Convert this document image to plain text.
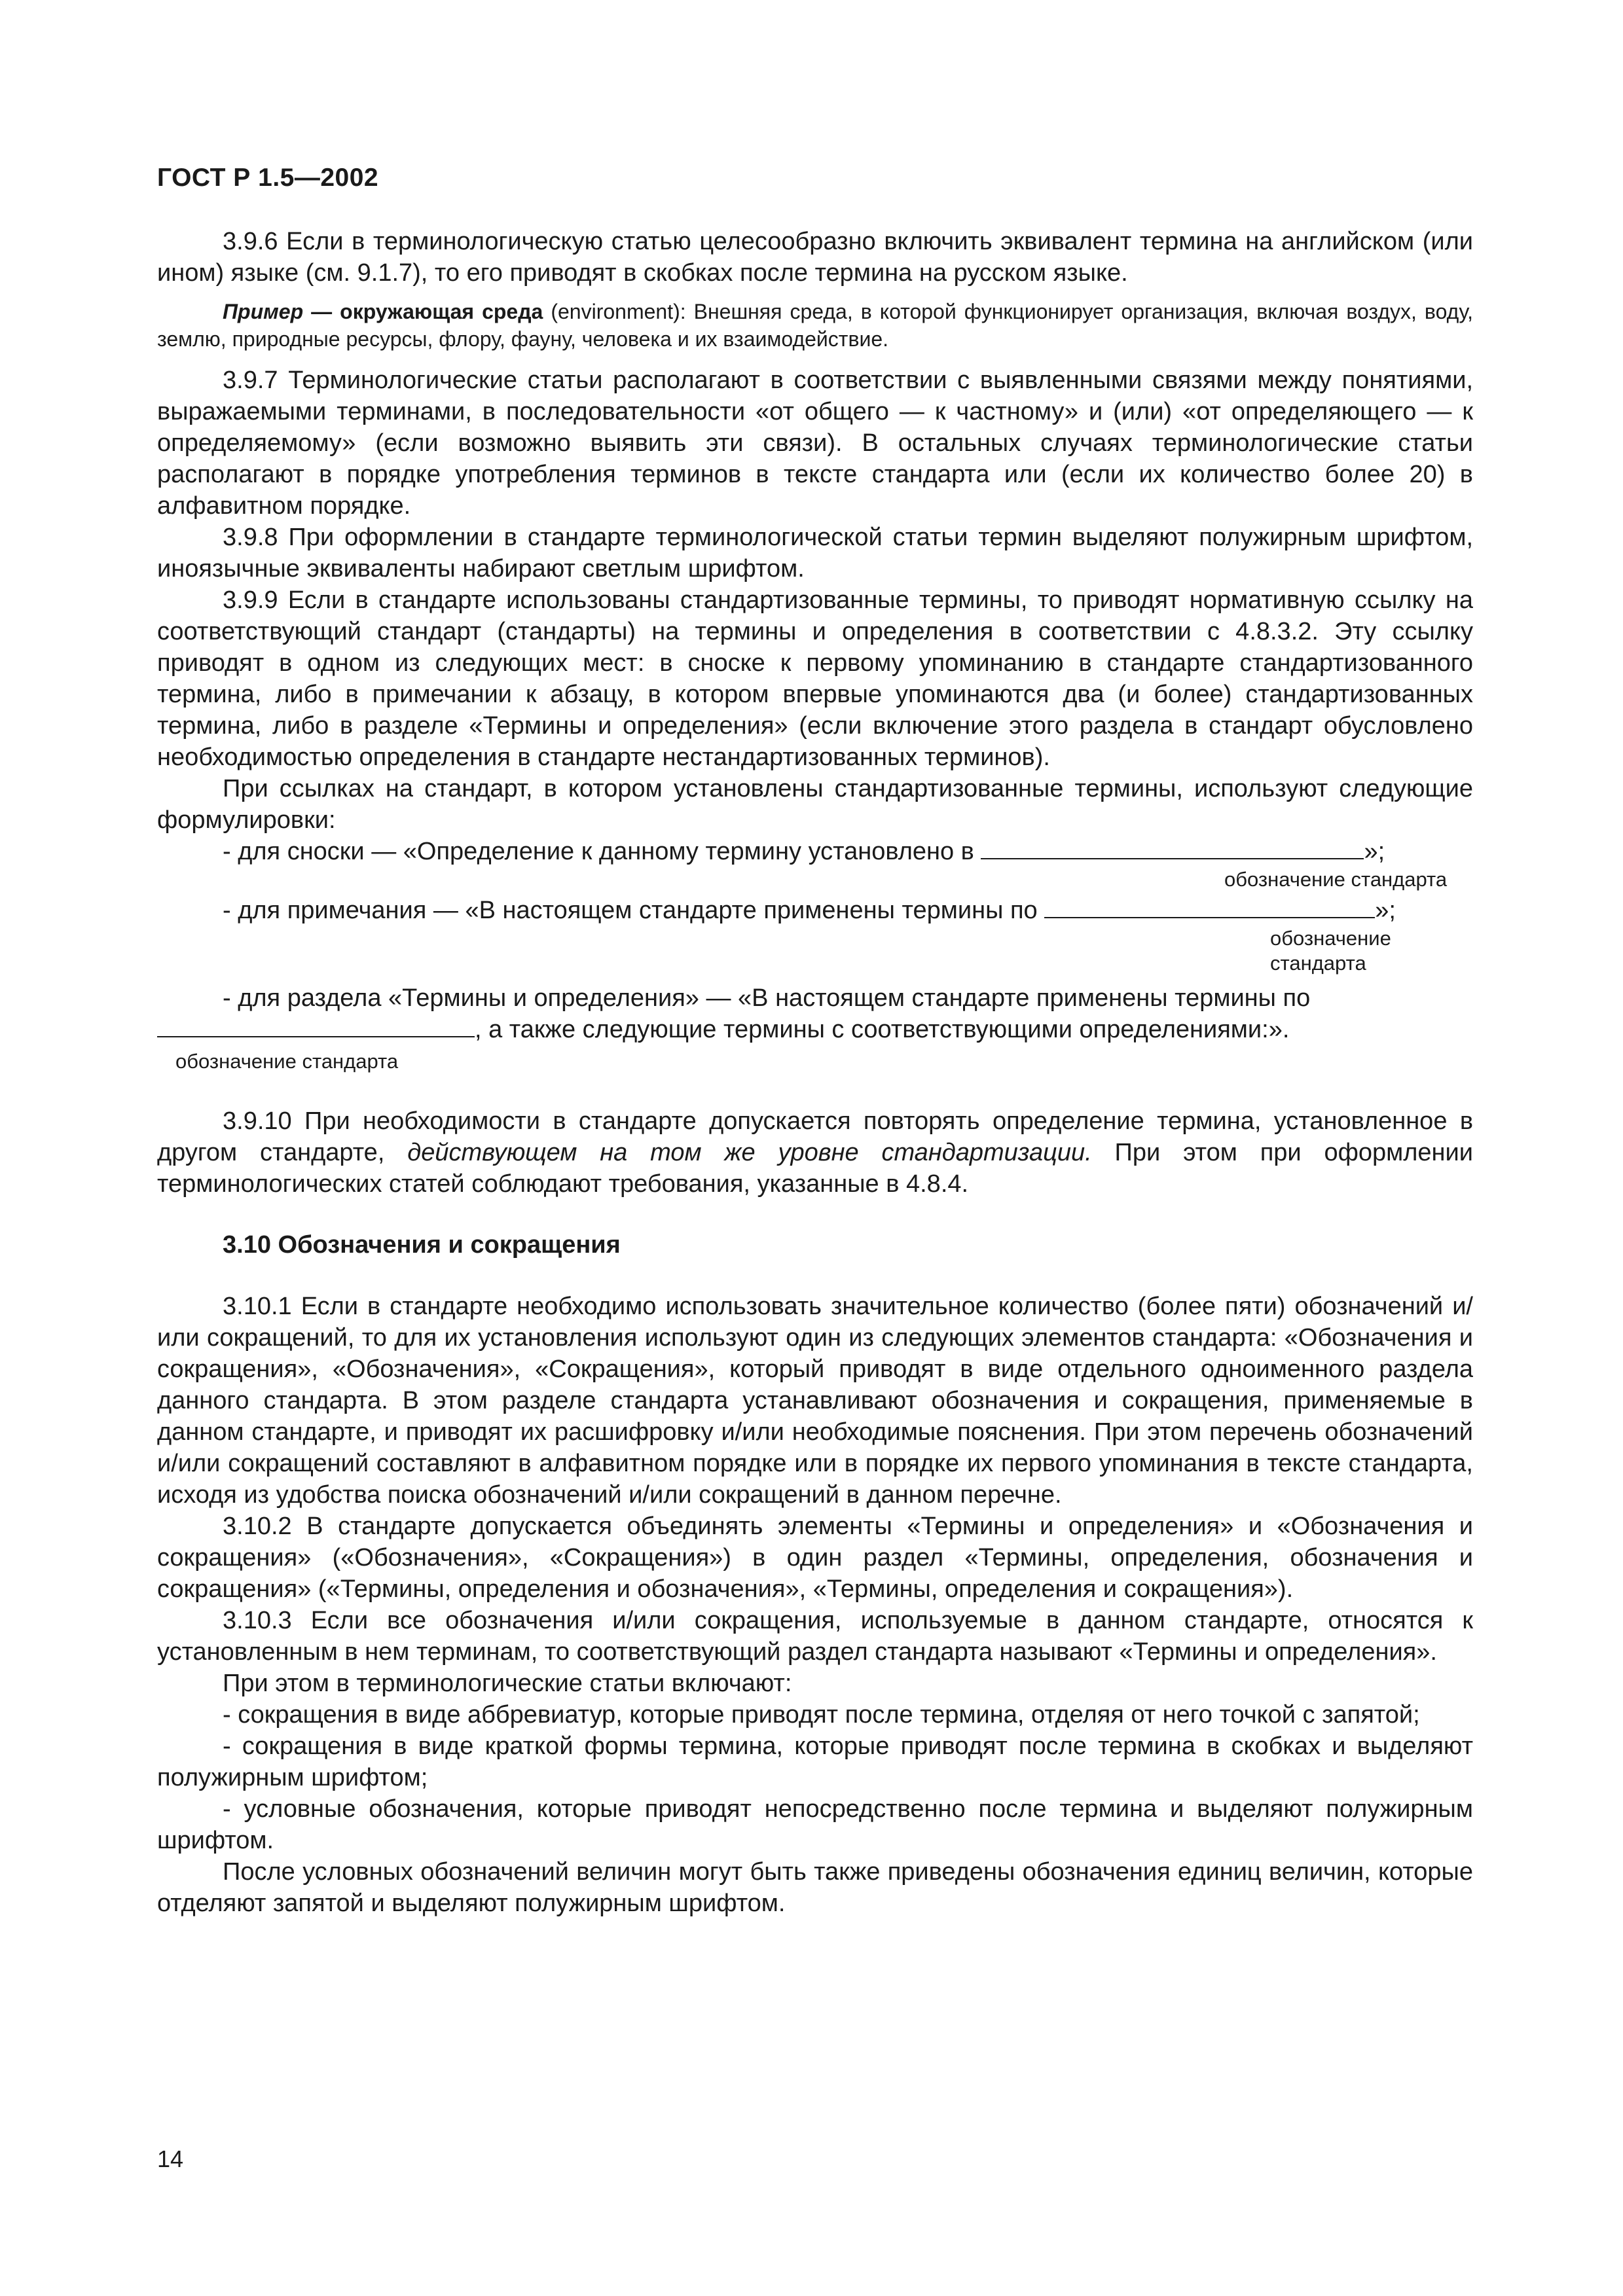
ГОСТ Р 1.5—2002

3.9.6 Если в терминологическую статью целесообразно включить эквивалент термина на английском (или ином) языке (см. 9.1.7), то его приводят в скобках после термина на русском языке.

Пример — окружающая среда (environment): Внешняя среда, в которой функционирует организация, включая воздух, воду, землю, природные ресурсы, флору, фауну, человека и их взаимодействие.

3.9.7 Терминологические статьи располагают в соответствии с выявленными связями между понятиями, выражаемыми терминами, в последовательности «от общего — к частному» и (или) «от определяющего — к определяемому» (если возможно выявить эти связи). В остальных случаях терминологические статьи располагают в порядке употребления терминов в тексте стандарта или (если их количество более 20) в алфавитном порядке.

3.9.8 При оформлении в стандарте терминологической статьи термин выделяют полужирным шрифтом, иноязычные эквиваленты набирают светлым шрифтом.

3.9.9 Если в стандарте использованы стандартизованные термины, то приводят нормативную ссылку на соответствующий стандарт (стандарты) на термины и определения в соответствии с 4.8.3.2. Эту ссылку приводят в одном из следующих мест: в сноске к первому упоминанию в стандарте стандартизованного термина, либо в примечании к абзацу, в котором впервые упоминаются два (и более) стандартизованных термина, либо в разделе «Термины и определения» (если включение этого раздела в стандарт обусловлено необходимостью определения в стандарте нестандартизованных терминов).

При ссылках на стандарт, в котором установлены стандартизованные термины, используют следующие формулировки:

- для сноски — «Определение к данному термину установлено в	»;
обозначение стандарта
- для примечания — «В настоящем стандарте применены термины по	»;
обозначение стандарта

- для раздела «Термины и определения» — «В настоящем стандарте применены термины по

, а также следующие термины с соответствующими определениями:».
обозначение стандарта

3.9.10 При необходимости в стандарте допускается повторять определение термина, установленное в другом стандарте, действующем на том же уровне стандартизации. При этом при оформлении терминологических статей соблюдают требования, указанные в 4.8.4.

3.10 Обозначения и сокращения

3.10.1 Если в стандарте необходимо использовать значительное количество (более пяти) обозначений и/или сокращений, то для их установления используют один из следующих элементов стандарта: «Обозначения и сокращения», «Обозначения», «Сокращения», который приводят в виде отдельного одноименного раздела данного стандарта. В этом разделе стандарта устанавливают обозначения и сокращения, применяемые в данном стандарте, и приводят их расшифровку и/или необходимые пояснения. При этом перечень обозначений и/или сокращений составляют в алфавитном порядке или в порядке их первого упоминания в тексте стандарта, исходя из удобства поиска обозначений и/или сокращений в данном перечне.

3.10.2 В стандарте допускается объединять элементы «Термины и определения» и «Обозначения и сокращения» («Обозначения», «Сокращения») в один раздел «Термины, определения, обозначения и сокращения» («Термины, определения и обозначения», «Термины, определения и сокращения»).

3.10.3 Если все обозначения и/или сокращения, используемые в данном стандарте, относятся к установленным в нем терминам, то соответствующий раздел стандарта называют «Термины и определения».

При этом в терминологические статьи включают:

- сокращения в виде аббревиатур, которые приводят после термина, отделяя от него точкой с запятой;

- сокращения в виде краткой формы термина, которые приводят после термина в скобках и выделяют полужирным шрифтом;

- условные обозначения, которые приводят непосредственно после термина и выделяют полужирным шрифтом.

После условных обозначений величин могут быть также приведены обозначения единиц величин, которые отделяют запятой и выделяют полужирным шрифтом.

14
